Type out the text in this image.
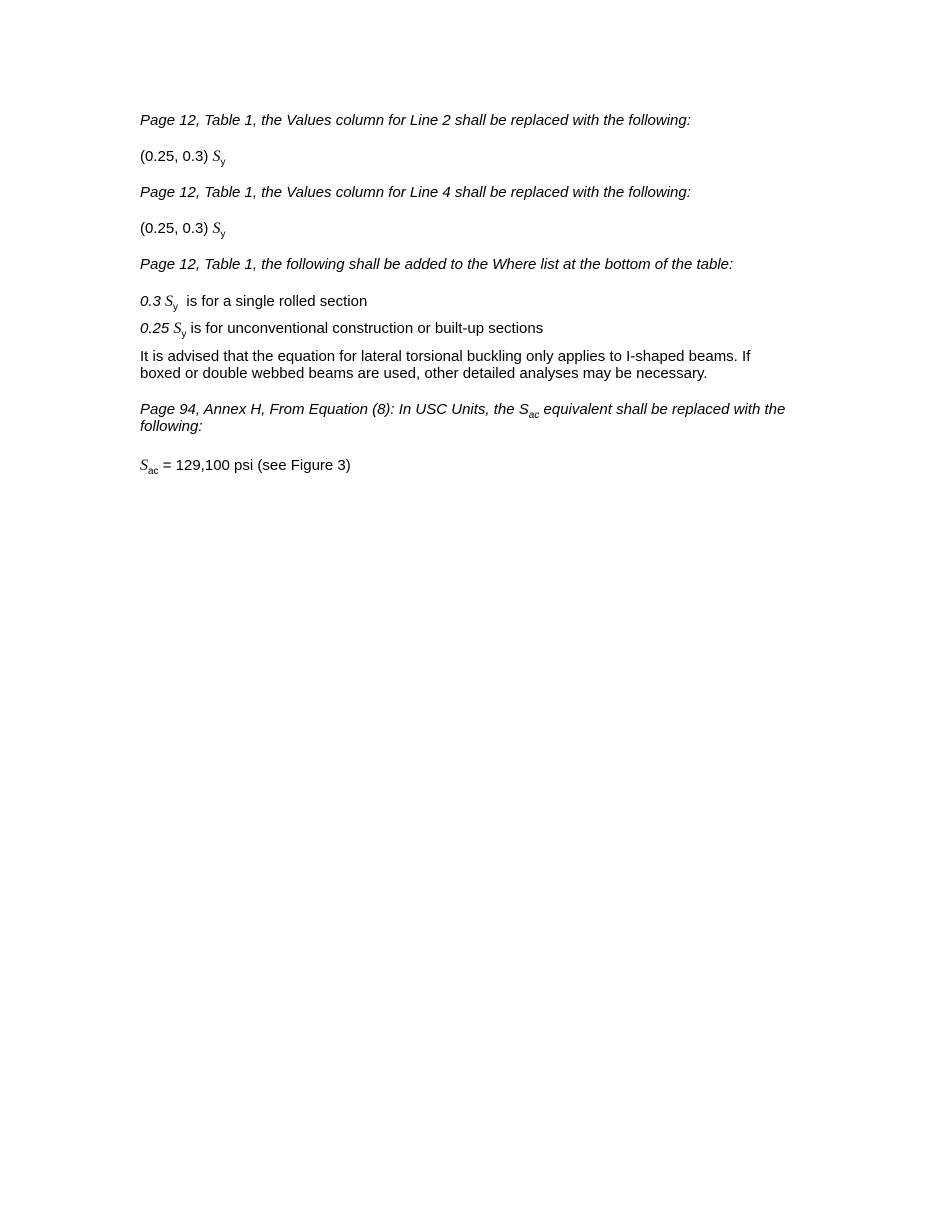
Page 12, Table 1, the Values column for Line 2 shall be replaced with the following:
(0.25, 0.3) $S_y$
Page 12, Table 1, the Values column for Line 4 shall be replaced with the following:
(0.25, 0.3) $S_y$
Page 12, Table 1, the following shall be added to the Where list at the bottom of the table:
0.3 $S_y$ is for a single rolled section
0.25 $S_y$ is for unconventional construction or built-up sections
It is advised that the equation for lateral torsional buckling only applies to I-shaped beams. If boxed or double webbed beams are used, other detailed analyses may be necessary.
Page 94, Annex H, From Equation (8): In USC Units, the $S_{ac}$ equivalent shall be replaced with the following:
$S_{ac} = 129,100$ psi (see Figure 3)
